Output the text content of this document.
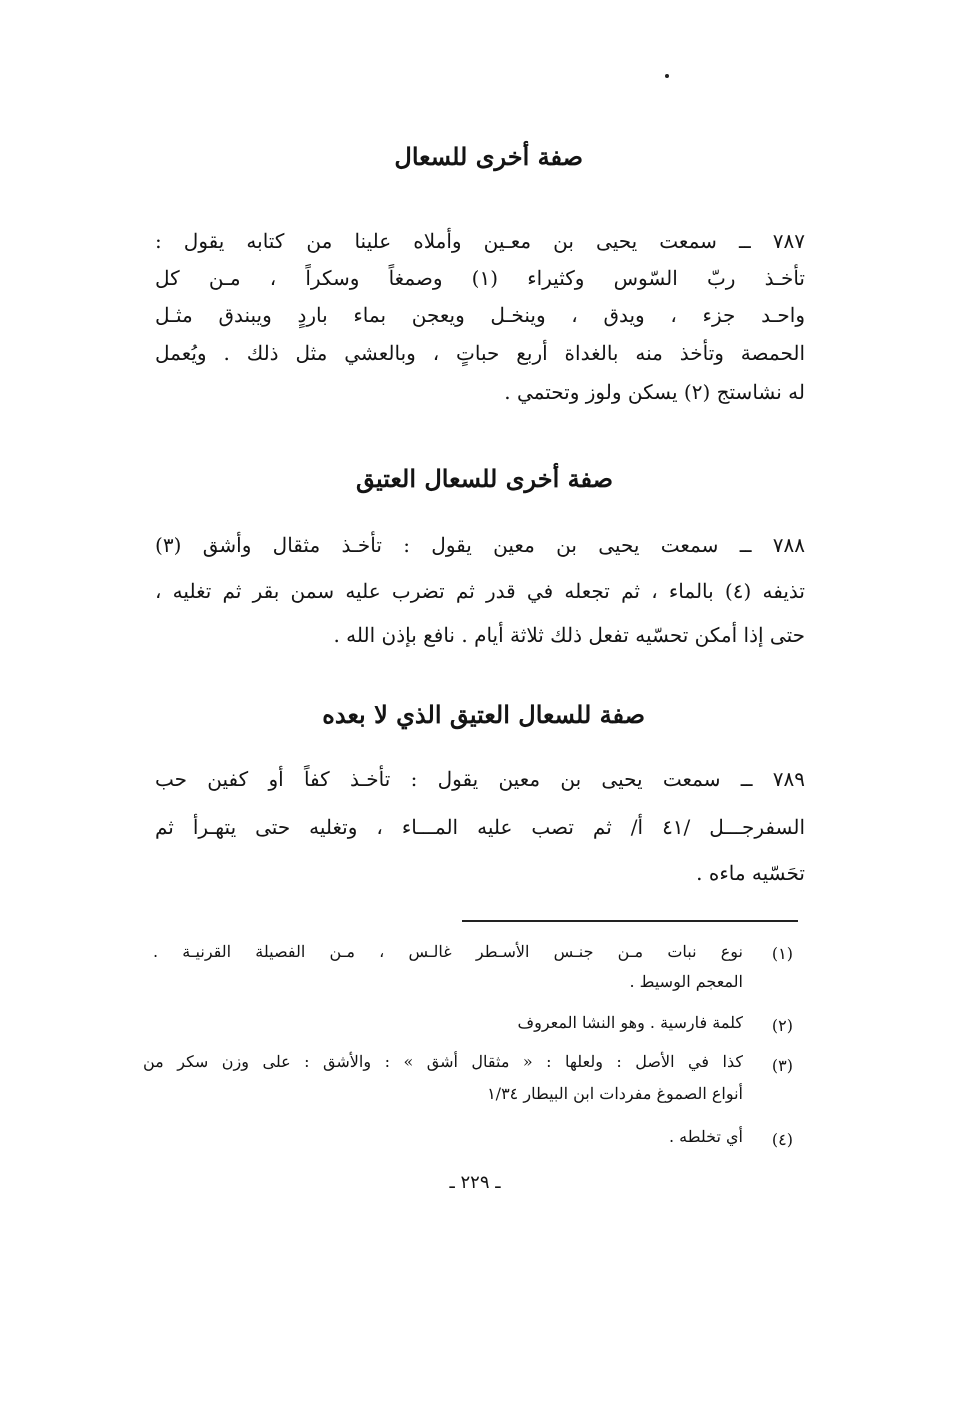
صفة أخرى للسعال
٧٨٧ ــ سمعت يحيى بن معـين وأملاه علينا من كتابه يقول :
تأخـذ ربّ السّوس وكثيراء (١) وصمغاً وسكراً ، مـن كل
واحـد جزء ، ويدق ، وينخـل ويعجن بماء باردٍ ويبندق مثـل
الحمصة وتأخذ منه بالغداة أربع حباتٍ ، وبالعشي مثل ذلك . ويُعمل
له نشاستج (٢) يسكن ولوز وتحتمي .
صفة أخرى للسعال العتيق
٧٨٨ ــ سمعت يحيى بن معين يقول : تأخـذ مثقال وأشق (٣)
تذيفه (٤) بالماء ، ثم تجعله في قدر ثم تضرب عليه سمن بقر ثم تغليه ،
حتى إذا أمكن تحسّيه تفعل ذلك ثلاثة أيام . نافع بإذن الله .
صفة للسعال العتيق الذي لا بعده
٧٨٩ ــ سمعت يحيى بن معين يقول : تأخـذ كفاً أو كفين حب
السفرجـــل /٤١ أ/ ثم تصب عليه المـــاء ، وتغليه حتى يتهـرأ ثم
تحَسّيه ماءه .
(١)
نوع نبات مـن جنـس الأسـطر غالـس ، مـن الفصيلة القرنيـة .
المعجم الوسيط .
(٢)
كلمة فارسية . وهو النشا المعروف
(٣)
كذا في الأصل : ولعلها : « مثقال أشق » : والأشق : على وزن سكر من
أنواع الصموغ مفردات ابن البيطار ١/٣٤
(٤)
أي تخلطه .
ـ ٢٢٩ ـ
